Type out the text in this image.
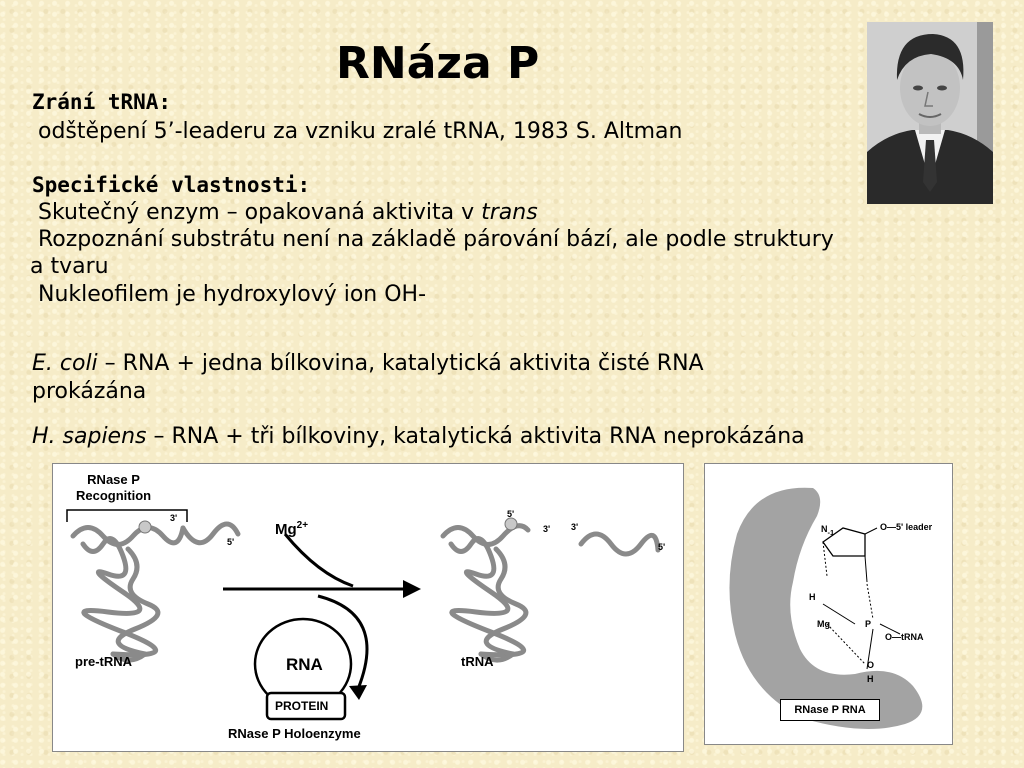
RNáza P
Zrání tRNA:
odštěpení 5’-leaderu za vzniku zralé tRNA, 1983 S. Altman
Specifické vlastnosti:
Skutečný enzym – opakovaná aktivita v trans
Rozpoznání substrátu není na základě párování bází, ale podle struktury
a tvaru
Nukleofilem je hydroxylový ion OH-
E. coli – RNA + jedna bílkovina, katalytická aktivita čisté RNA
prokázána
H. sapiens – RNA + tři bílkoviny, katalytická aktivita RNA neprokázána
RNase P
Recognition
3'
5'
$Mg^{2+}$
5'
3' 3'
5'
pre-tRNA	tRNA
RNA
PROTEIN
RNase P Holoenzyme
$N_{-1}$
O—5' leader
H
Mg	P
O—tRNA
O
H
RNase P RNA
